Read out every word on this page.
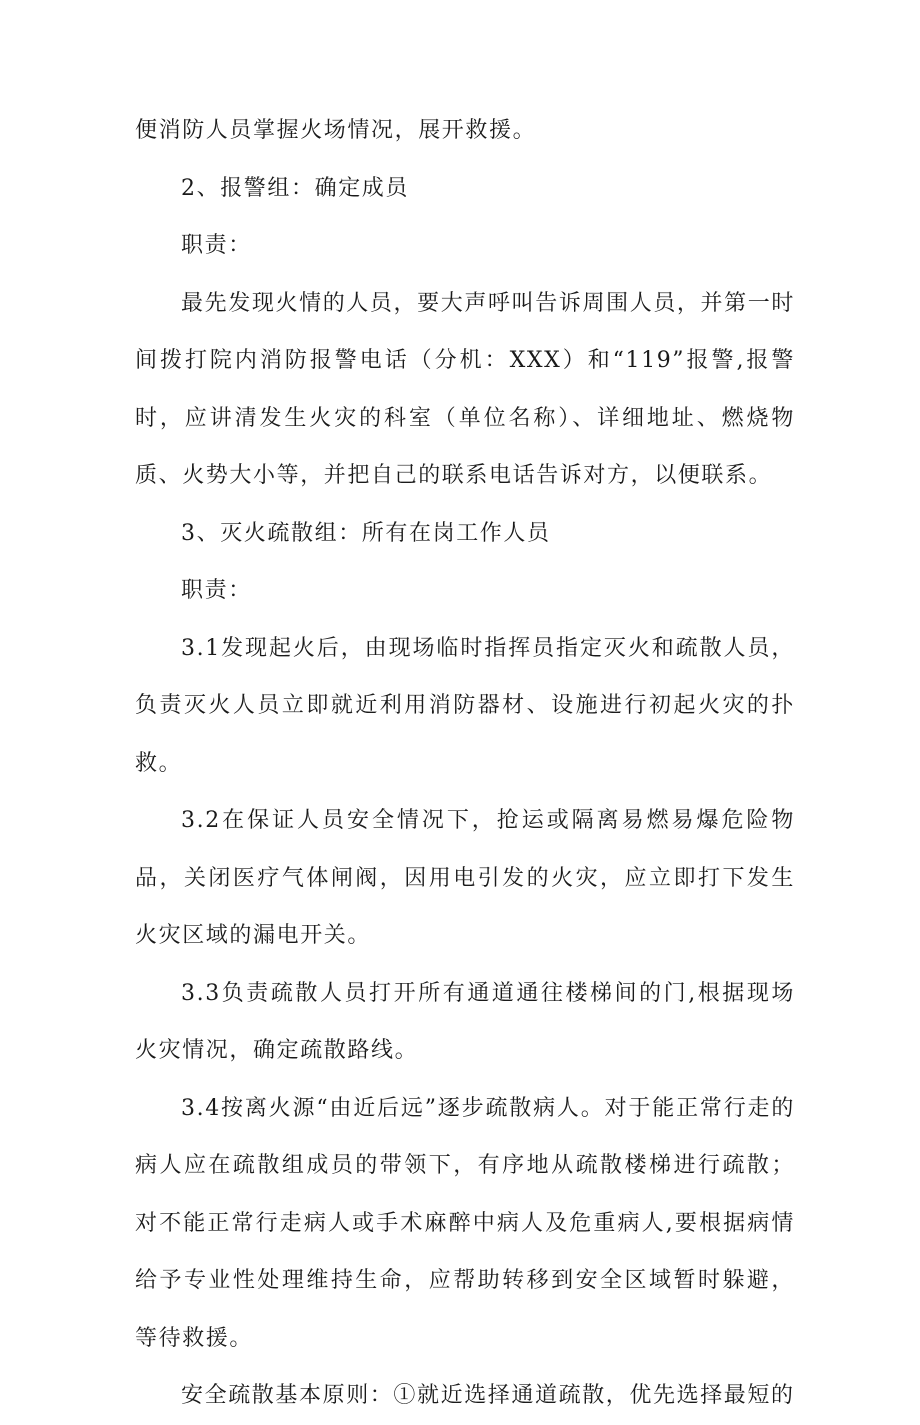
便消防人员掌握火场情况，展开救援。

2、报警组：确定成员

职责：

最先发现火情的人员，要大声呼叫告诉周围人员，并第一时间拨打院内消防报警电话（分机：XXX）和“119”报警,报警时，应讲清发生火灾的科室（单位名称）、详细地址、燃烧物质、火势大小等，并把自己的联系电话告诉对方，以便联系。

3、灭火疏散组：所有在岗工作人员

职责：

3.1发现起火后，由现场临时指挥员指定灭火和疏散人员，负责灭火人员立即就近利用消防器材、设施进行初起火灾的扑救。

3.2在保证人员安全情况下，抢运或隔离易燃易爆危险物品，关闭医疗气体闸阀，因用电引发的火灾，应立即打下发生火灾区域的漏电开关。

3.3负责疏散人员打开所有通道通往楼梯间的门,根据现场火灾情况，确定疏散路线。

3.4按离火源“由近后远”逐步疏散病人。对于能正常行走的病人应在疏散组成员的带领下，有序地从疏散楼梯进行疏散；对不能正常行走病人或手术麻醉中病人及危重病人,要根据病情给予专业性处理维持生命，应帮助转移到安全区域暂时躲避，等待救援。

安全疏散基本原则：①就近选择通道疏散，优先选择最短的
